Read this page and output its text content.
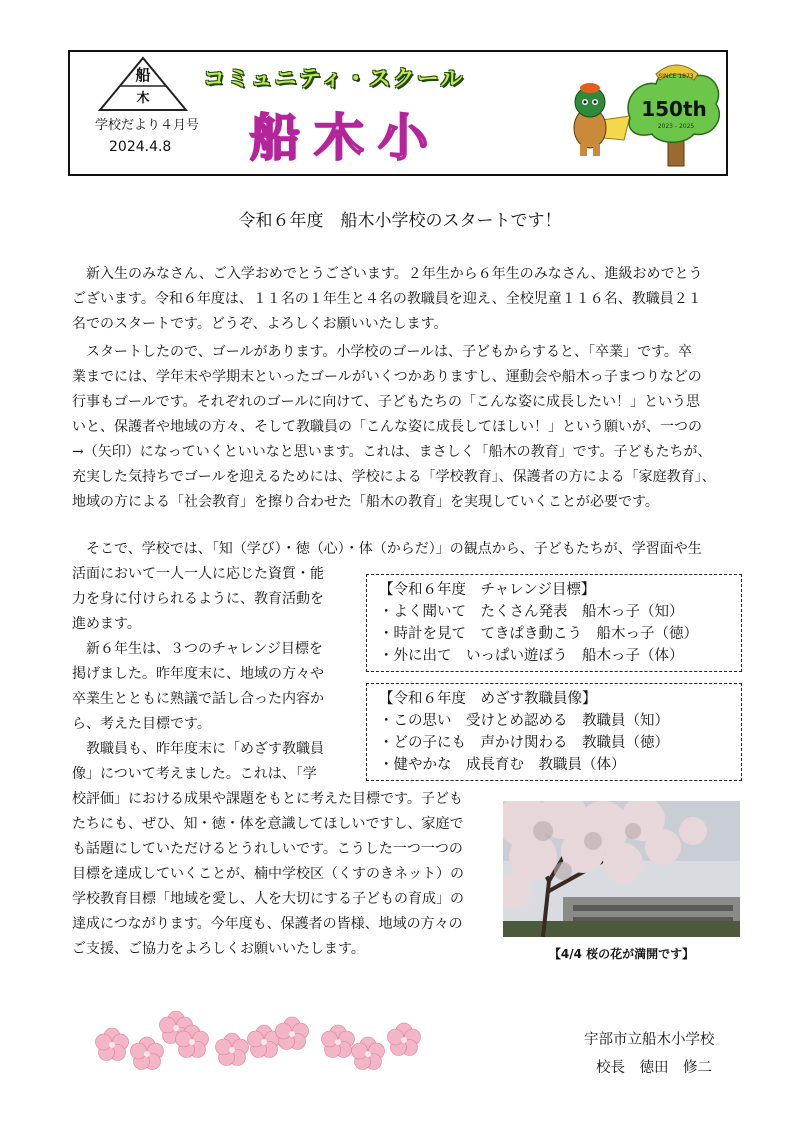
船
木
学校だより４月号
2024.4.8
コミュニティ・スクール
船木小
SINCE 1873
150th
2023 - 2025
令和６年度　船木小学校のスタートです！
　新入生のみなさん、ご入学おめでとうございます。２年生から６年生のみなさん、進級おめでとう
ございます。令和６年度は、１１名の１年生と４名の教職員を迎え、全校児童１１６名、教職員２１
名でのスタートです。どうぞ、よろしくお願いいたします。
　スタートしたので、ゴールがあります。小学校のゴールは、子どもからすると、「卒業」です。卒
業までには、学年末や学期末といったゴールがいくつかありますし、運動会や船木っ子まつりなどの
行事もゴールです。それぞれのゴールに向けて、子どもたちの「こんな姿に成長したい！」という思
いと、保護者や地域の方々、そして教職員の「こんな姿に成長してほしい！」という願いが、一つの
→（矢印）になっていくといいなと思います。これは、まさしく「船木の教育」です。子どもたちが、
充実した気持ちでゴールを迎えるためには、学校による「学校教育」、保護者の方による「家庭教育」、
地域の方による「社会教育」を擦り合わせた「船木の教育」を実現していくことが必要です。
　そこで、学校では、「知（学び）・徳（心）・体（からだ）」の観点から、子どもたちが、学習面や生
活面において一人一人に応じた資質・能
力を身に付けられるように、教育活動を
進めます。
　新６年生は、３つのチャレンジ目標を
掲げました。昨年度末に、地域の方々や
卒業生とともに熟議で話し合った内容か
ら、考えた目標です。
　教職員も、昨年度末に「めざす教職員
像」について考えました。これは、「学
【令和６年度　チャレンジ目標】
・よく聞いて　たくさん発表　船木っ子（知）
・時計を見て　てきぱき動こう　船木っ子（徳）
・外に出て　いっぱい遊ぼう　船木っ子（体）
【令和６年度　めざす教職員像】
・この思い　受けとめ認める　教職員（知）
・どの子にも　声かけ関わる　教職員（徳）
・健やかな　成長育む　教職員（体）
校評価」における成果や課題をもとに考えた目標です。子ども
たちにも、ぜひ、知・徳・体を意識してほしいですし、家庭で
も話題にしていただけるとうれしいです。こうした一つ一つの
目標を達成していくことが、楠中学校区（くすのきネット）の
学校教育目標「地域を愛し、人を大切にする子どもの育成」の
達成につながります。今年度も、保護者の皆様、地域の方々の
ご支援、ご協力をよろしくお願いいたします。	【4/4 桜の花が満開です】
宇部市立船木小学校
校長　徳田　修二
